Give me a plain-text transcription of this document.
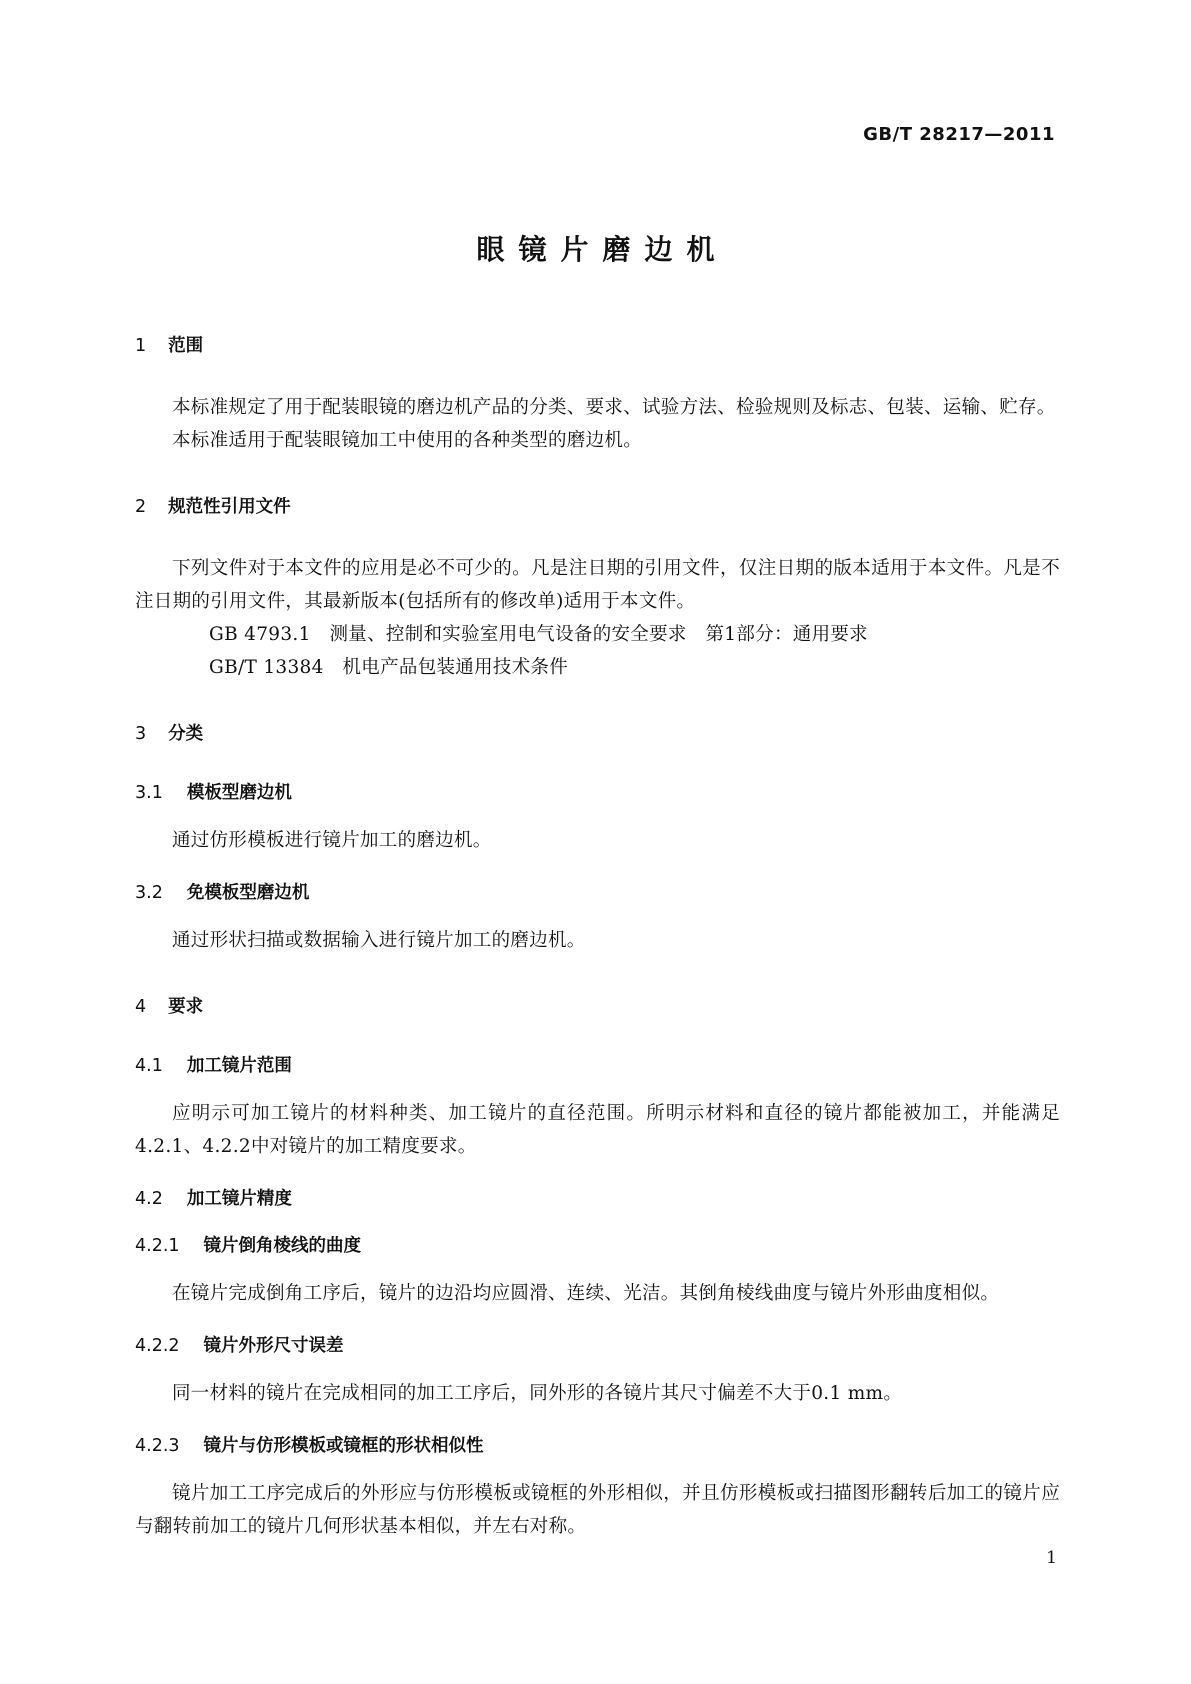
GB/T 28217—2011
眼镜片磨边机
1 范围

本标准规定了用于配装眼镜的磨边机产品的分类、要求、试验方法、检验规则及标志、包装、运输、贮存。

本标准适用于配装眼镜加工中使用的各种类型的磨边机。

2 规范性引用文件

下列文件对于本文件的应用是必不可少的。凡是注日期的引用文件，仅注日期的版本适用于本文件。凡是不注日期的引用文件，其最新版本(包括所有的修改单)适用于本文件。

GB 4793.1　 测量、控制和实验室用电气设备的安全要求　第1部分：通用要求

GB/T 13384　 机电产品包装通用技术条件

3 分类
3.1 模板型磨边机

通过仿形模板进行镜片加工的磨边机。

3.2 免模板型磨边机

通过形状扫描或数据输入进行镜片加工的磨边机。

4 要求
4.1 加工镜片范围

应明示可加工镜片的材料种类、加工镜片的直径范围。所明示材料和直径的镜片都能被加工，并能满足4.2.1、4.2.2中对镜片的加工精度要求。

4.2 加工镜片精度
4.2.1 镜片倒角棱线的曲度

在镜片完成倒角工序后，镜片的边沿均应圆滑、连续、光洁。其倒角棱线曲度与镜片外形曲度相似。

4.2.2 镜片外形尺寸误差

同一材料的镜片在完成相同的加工工序后，同外形的各镜片其尺寸偏差不大于0.1 mm。

4.2.3 镜片与仿形模板或镜框的形状相似性

镜片加工工序完成后的外形应与仿形模板或镜框的外形相似，并且仿形模板或扫描图形翻转后加工的镜片应与翻转前加工的镜片几何形状基本相似，并左右对称。

1
